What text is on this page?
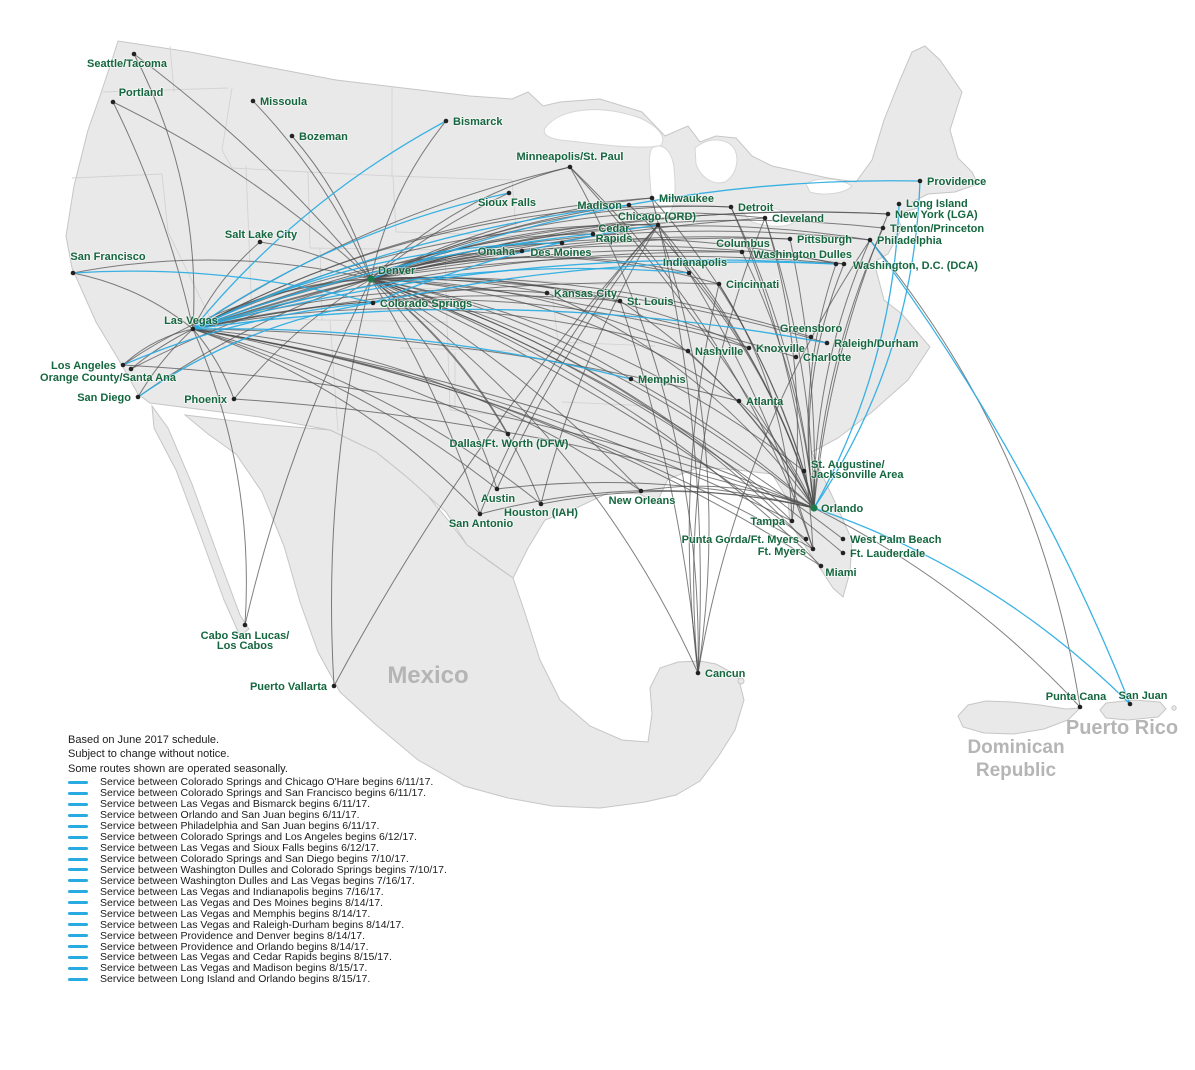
Mexico
Dominican
Republic
Puerto Rico
Seattle/Tacoma
Portland
Missoula
Bozeman
Bismarck
Minneapolis/St. Paul
Sioux Falls	Madison
Milwaukee
Chicago (ORD)
Detroit
Cleveland
Columbus Pittsburgh
Washington Dulles
Washington, D.C. (DCA)
Providence
Long Island
New York (LGA)
Trenton/Princeton
Philadelphia
Omaha Des Moines
Cedar Rapids
Indianapolis
Cincinnati
Kansas City
St. Louis
Greensboro
Raleigh/Durham
Nashville Knoxville
Charlotte
Memphis
Atlanta
San Francisco
Las Vegas
Los Angeles
Orange County/Santa Ana
San Diego	Phoenix
Salt Lake City
Denver
Colorado Springs
Dallas/Ft. Worth (DFW)
Austin
Houston (IAH)
San Antonio
New Orleans
St. Augustine/ Jacksonville Area
Orlando
Tampa
Punta Gorda/Ft. Myers
Ft. Myers
West Palm Beach
Ft. Lauderdale
Miami
Cabo San Lucas/ Los Cabos
Puerto Vallarta
Cancun
Punta Cana San Juan
Based on June 2017 schedule.
Subject to change without notice.
Some routes shown are operated seasonally.
Service between Colorado Springs and Chicago O'Hare begins 6/11/17.
Service between Colorado Springs and San Francisco begins 6/11/17.
Service between Las Vegas and Bismarck begins 6/11/17.
Service between Orlando and San Juan begins 6/11/17.
Service between Philadelphia and San Juan begins 6/11/17.
Service between Colorado Springs and Los Angeles begins 6/12/17.
Service between Las Vegas and Sioux Falls begins 6/12/17.
Service between Colorado Springs and San Diego begins 7/10/17.
Service between Washington Dulles and Colorado Springs begins 7/10/17.
Service between Washington Dulles and Las Vegas begins 7/16/17.
Service between Las Vegas and Indianapolis begins 7/16/17.
Service between Las Vegas and Des Moines begins 8/14/17.
Service between Las Vegas and Memphis begins 8/14/17.
Service between Las Vegas and Raleigh-Durham begins 8/14/17.
Service between Providence and Denver begins 8/14/17.
Service between Providence and Orlando begins 8/14/17.
Service between Las Vegas and Cedar Rapids begins 8/15/17.
Service between Las Vegas and Madison begins 8/15/17.
Service between Long Island and Orlando begins 8/15/17.
